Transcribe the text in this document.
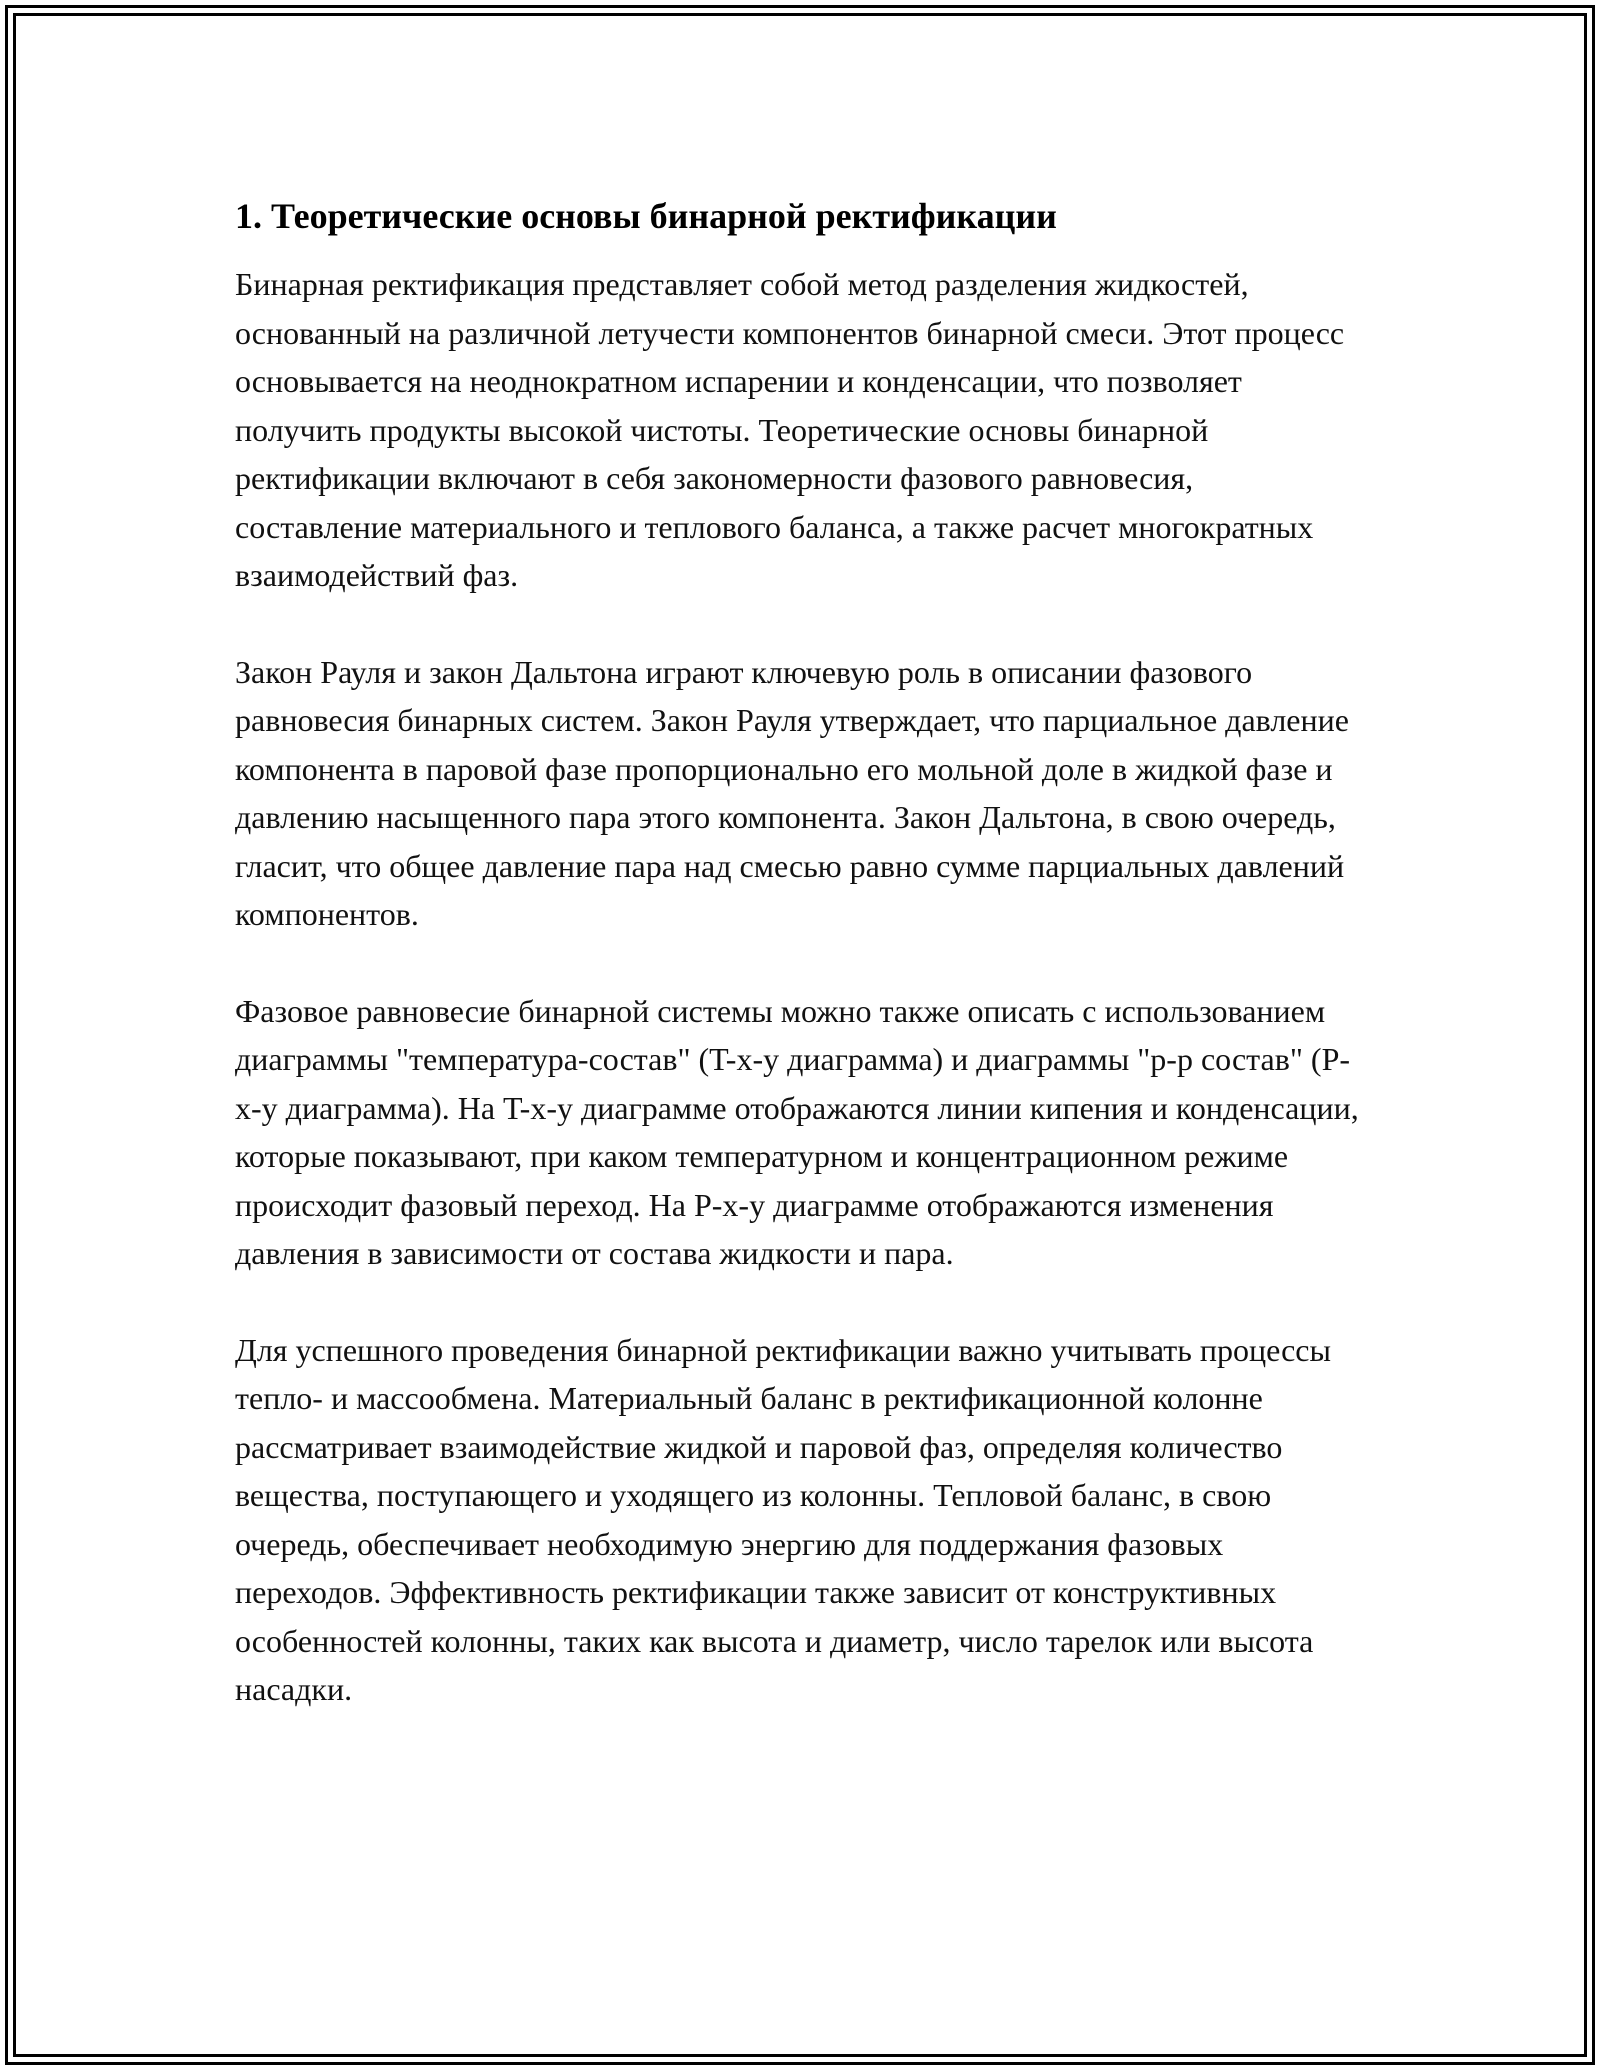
1. Теоретические основы бинарной ректификации

Бинарная ректификация представляет собой метод разделения жидкостей, основанный на различной летучести компонентов бинарной смеси. Этот процесс основывается на неоднократном испарении и конденсации, что позволяет получить продукты высокой чистоты. Теоретические основы бинарной ректификации включают в себя закономерности фазового равновесия, составление материального и теплового баланса, а также расчет многократных взаимодействий фаз.

Закон Рауля и закон Дальтона играют ключевую роль в описании фазового равновесия бинарных систем. Закон Рауля утверждает, что парциальное давление компонента в паровой фазе пропорционально его мольной доле в жидкой фазе и давлению насыщенного пара этого компонента. Закон Дальтона, в свою очередь, гласит, что общее давление пара над смесью равно сумме парциальных давлений компонентов.

Фазовое равновесие бинарной системы можно также описать с использованием диаграммы "температура-состав" (T-x-y диаграмма) и диаграммы "p-p состав" (P-x-y диаграмма). На T-x-y диаграмме отображаются линии кипения и конденсации, которые показывают, при каком температурном и концентрационном режиме происходит фазовый переход. На P-x-y диаграмме отображаются изменения давления в зависимости от состава жидкости и пара.

Для успешного проведения бинарной ректификации важно учитывать процессы тепло- и массообмена. Материальный баланс в ректификационной колонне рассматривает взаимодействие жидкой и паровой фаз, определяя количество вещества, поступающего и уходящего из колонны. Тепловой баланс, в свою очередь, обеспечивает необходимую энергию для поддержания фазовых переходов. Эффективность ректификации также зависит от конструктивных особенностей колонны, таких как высота и диаметр, число тарелок или высота насадки.
